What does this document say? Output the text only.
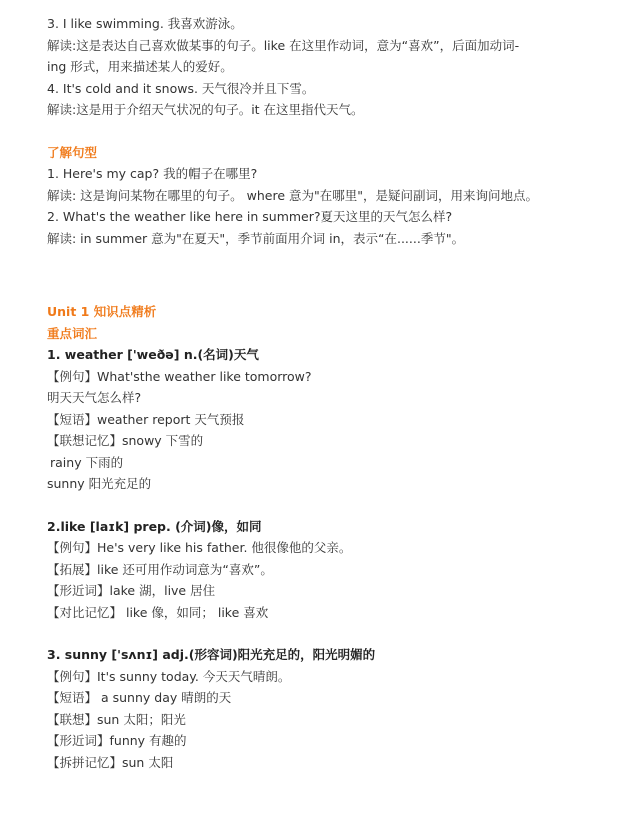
3. I like swimming. 我喜欢游泳。
解读:这是表达自己喜欢做某事的句子。like 在这里作动词，意为“喜欢”，后面加动词-
ing 形式，用来描述某人的爱好。
4. It's cold and it snows. 天气很冷并且下雪。
解读:这是用于介绍天气状况的句子。it 在这里指代天气。
了解句型
1. Here's my cap? 我的帽子在哪里?
解读: 这是询问某物在哪里的句子。 where 意为"在哪里"，是疑问副词，用来询问地点。
2. What's the weather like here in summer?夏天这里的天气怎么样?
解读: in summer 意为"在夏天"，季节前面用介词 in，表示“在......季节"。
Unit 1 知识点精析
重点词汇
1. weather ['weðə] n.(名词)天气
【例句】What'sthe weather like tomorrow?
明天天气怎么样?
【短语】weather report 天气预报
【联想记忆】snowy 下雪的
rainy 下雨的
sunny 阳光充足的
2.like [laɪk] prep. (介词)像，如同
【例句】He's very like his father. 他很像他的父亲。
【拓展】like 还可用作动词意为“喜欢”。
【形近词】lake 湖，live 居住
【对比记忆】 like 像，如同； like 喜欢
3. sunny ['sʌnɪ] adj.(形容词)阳光充足的，阳光明媚的
【例句】It's sunny today. 今天天气晴朗。
【短语】 a sunny day 晴朗的天
【联想】sun 太阳；阳光
【形近词】funny 有趣的
【拆拼记忆】sun 太阳
